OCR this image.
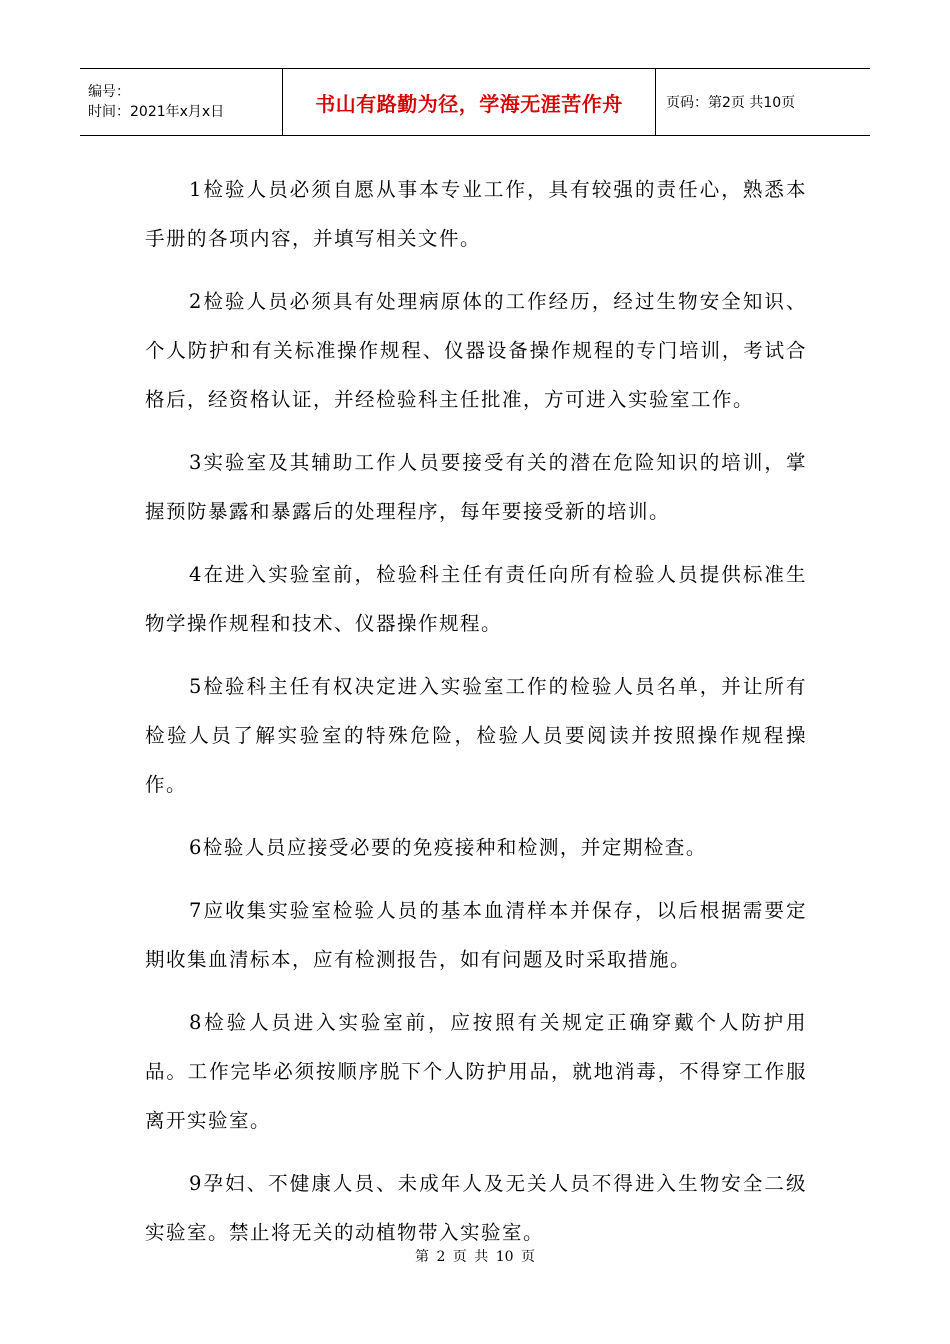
编号：
时间：2021年x月x日	书山有路勤为径，学海无涯苦作舟	页码：第2页 共10页

1检验人员必须自愿从事本专业工作，具有较强的责任心，熟悉本手册的各项内容，并填写相关文件。

2检验人员必须具有处理病原体的工作经历，经过生物安全知识、个人防护和有关标准操作规程、仪器设备操作规程的专门培训，考试合格后，经资格认证，并经检验科主任批准，方可进入实验室工作。

3实验室及其辅助工作人员要接受有关的潜在危险知识的培训，掌握预防暴露和暴露后的处理程序，每年要接受新的培训。

4在进入实验室前，检验科主任有责任向所有检验人员提供标准生物学操作规程和技术、仪器操作规程。

5检验科主任有权决定进入实验室工作的检验人员名单，并让所有检验人员了解实验室的特殊危险，检验人员要阅读并按照操作规程操作。

6检验人员应接受必要的免疫接种和检测，并定期检查。

7应收集实验室检验人员的基本血清样本并保存，以后根据需要定期收集血清标本，应有检测报告，如有问题及时采取措施。

8检验人员进入实验室前，应按照有关规定正确穿戴个人防护用品。工作完毕必须按顺序脱下个人防护用品，就地消毒，不得穿工作服离开实验室。

9孕妇、不健康人员、未成年人及无关人员不得进入生物安全二级实验室。禁止将无关的动植物带入实验室。

第 2 页 共 10 页
